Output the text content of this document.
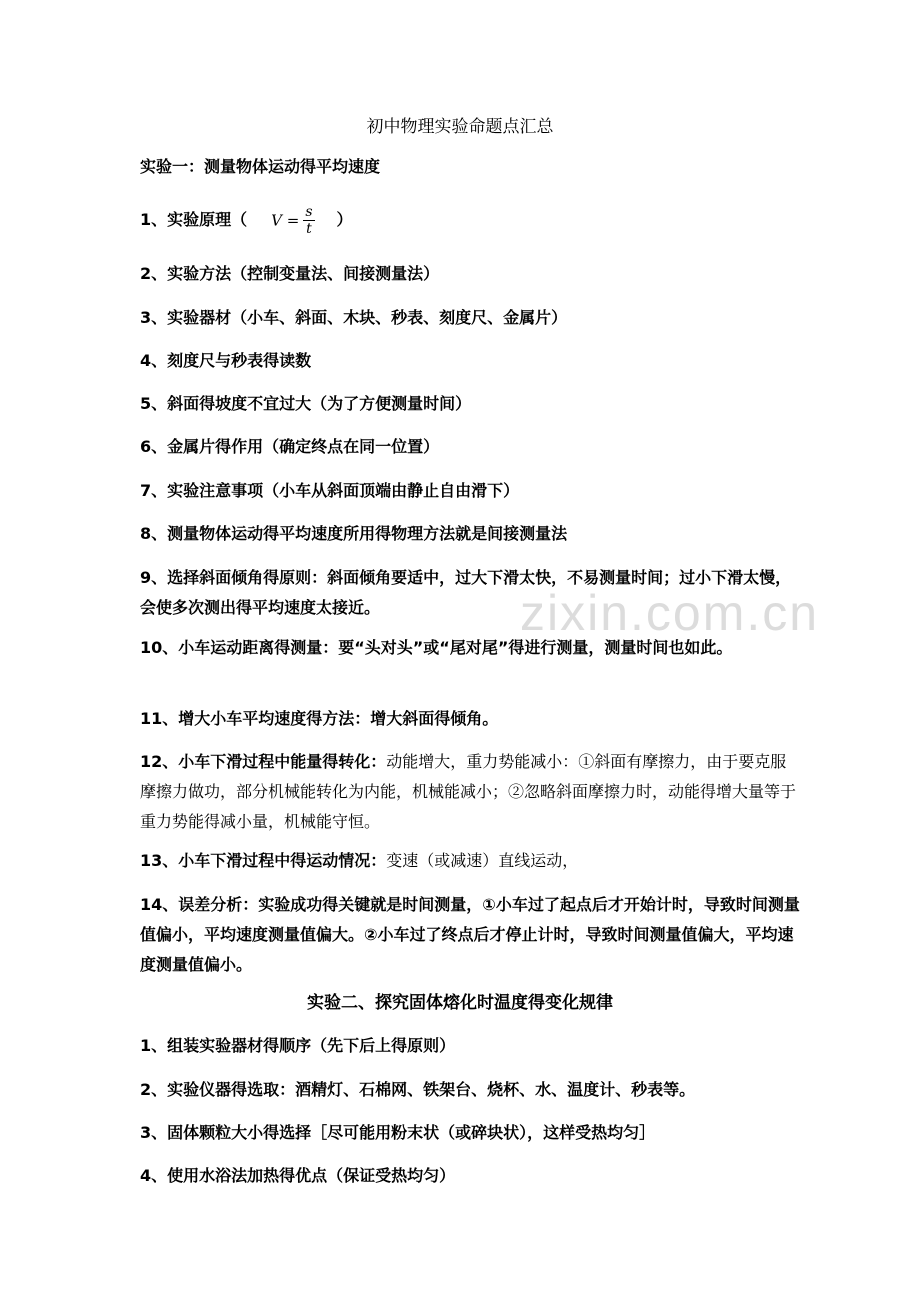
zixin.com.cn
初中物理实验命题点汇总
实验一：测量物体运动得平均速度
1、实验原理（ $V = \frac{s}{t}$ ）
2、实验方法（控制变量法、间接测量法）
3、实验器材（小车、斜面、木块、秒表、刻度尺、金属片）
4、刻度尺与秒表得读数
5、斜面得坡度不宜过大（为了方便测量时间）
6、金属片得作用（确定终点在同一位置）
7、实验注意事项（小车从斜面顶端由静止自由滑下）
8、测量物体运动得平均速度所用得物理方法就是间接测量法
9、选择斜面倾角得原则：斜面倾角要适中，过大下滑太快，不易测量时间；过小下滑太慢，会使多次测出得平均速度太接近。
10、小车运动距离得测量：要“头对头”或“尾对尾”得进行测量，测量时间也如此。
11、增大小车平均速度得方法：增大斜面得倾角。
12、小车下滑过程中能量得转化：动能增大，重力势能减小：①斜面有摩擦力，由于要克服摩擦力做功，部分机械能转化为内能，机械能减小；②忽略斜面摩擦力时，动能得增大量等于重力势能得减小量，机械能守恒。
13、小车下滑过程中得运动情况：变速（或减速）直线运动，
14、误差分析：实验成功得关键就是时间测量，①小车过了起点后才开始计时，导致时间测量值偏小，平均速度测量值偏大。②小车过了终点后才停止计时，导致时间测量值偏大，平均速度测量值偏小。
实验二、探究固体熔化时温度得变化规律
1、组装实验器材得顺序（先下后上得原则）
2、实验仪器得选取：酒精灯、石棉网、铁架台、烧杯、水、温度计、秒表等。
3、固体颗粒大小得选择［尽可能用粉末状（或碎块状），这样受热均匀］
4、使用水浴法加热得优点（保证受热均匀）
